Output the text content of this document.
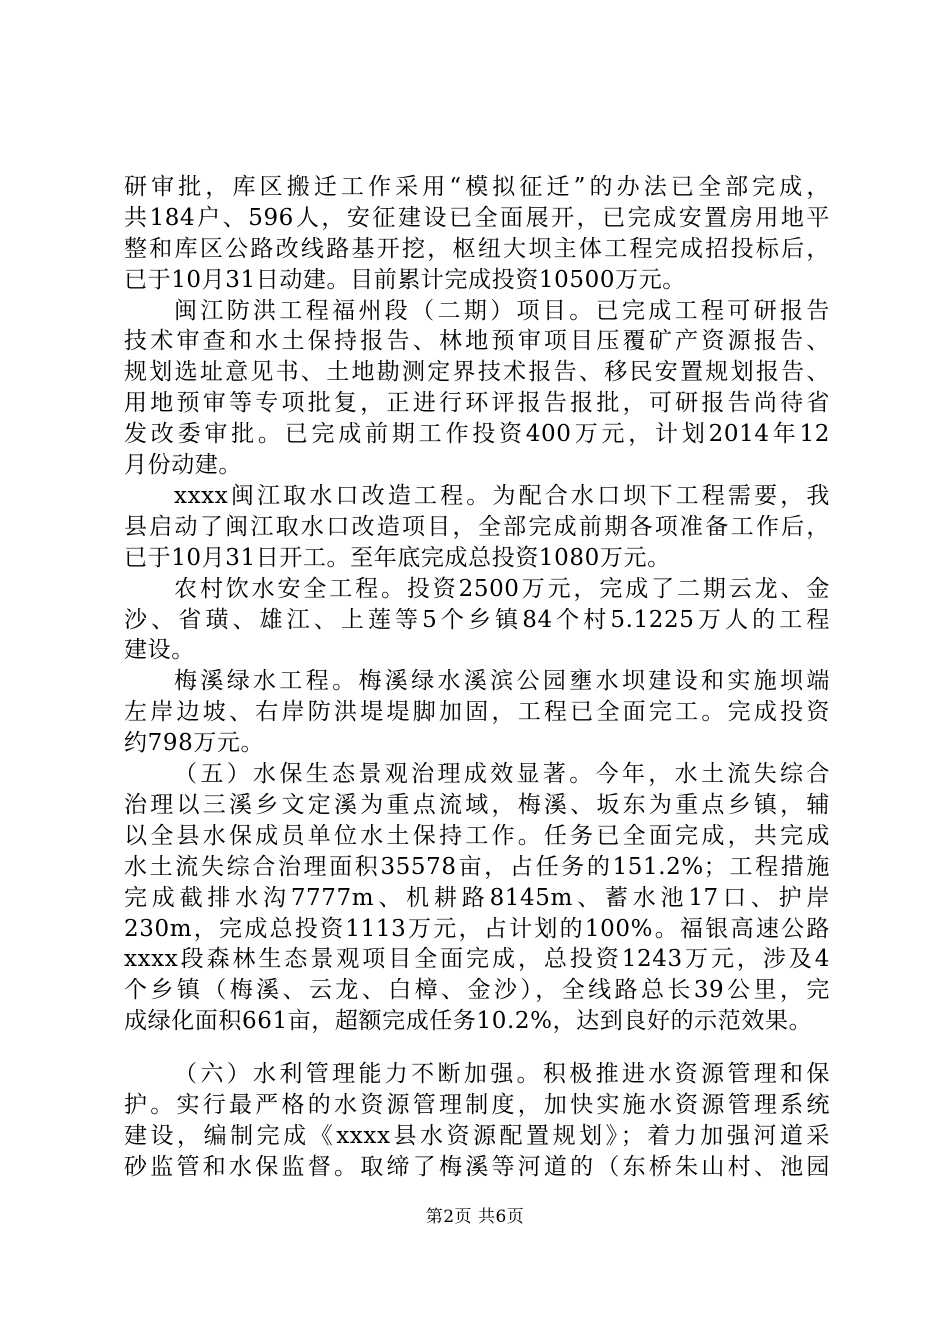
研审批，库区搬迁工作采用“模拟征迁”的办法已全部完成，
共184户、596人，安征建设已全面展开，已完成安置房用地平
整和库区公路改线路基开挖，枢纽大坝主体工程完成招投标后，
已于10月31日动建。目前累计完成投资10500万元。
闽江防洪工程福州段（二期）项目。已完成工程可研报告
技术审查和水土保持报告、林地预审项目压覆矿产资源报告、
规划选址意见书、土地勘测定界技术报告、移民安置规划报告、
用地预审等专项批复，正进行环评报告报批，可研报告尚待省
发改委审批。已完成前期工作投资400万元，计划2014年12
月份动建。
xxxx闽江取水口改造工程。为配合水口坝下工程需要，我
县启动了闽江取水口改造项目，全部完成前期各项准备工作后，
已于10月31日开工。至年底完成总投资1080万元。
农村饮水安全工程。投资2500万元，完成了二期云龙、金
沙、省璜、雄江、上莲等5个乡镇84个村5.1225万人的工程
建设。
梅溪绿水工程。梅溪绿水溪滨公园壅水坝建设和实施坝端
左岸边坡、右岸防洪堤堤脚加固，工程已全面完工。完成投资
约798万元。
（五）水保生态景观治理成效显著。今年，水土流失综合
治理以三溪乡文定溪为重点流域，梅溪、坂东为重点乡镇，辅
以全县水保成员单位水土保持工作。任务已全面完成，共完成
水土流失综合治理面积35578亩，占任务的151.2%；工程措施
完成截排水沟7777m、机耕路8145m、蓄水池17口、护岸
230m，完成总投资1113万元，占计划的100%。福银高速公路
xxxx段森林生态景观项目全面完成，总投资1243万元，涉及4
个乡镇（梅溪、云龙、白樟、金沙），全线路总长39公里，完
成绿化面积661亩，超额完成任务10.2%，达到良好的示范效果。
（六）水利管理能力不断加强。积极推进水资源管理和保
护。实行最严格的水资源管理制度，加快实施水资源管理系统
建设，编制完成《xxxx县水资源配置规划》；着力加强河道采
砂监管和水保监督。取缔了梅溪等河道的（东桥朱山村、池园
第2页 共6页
